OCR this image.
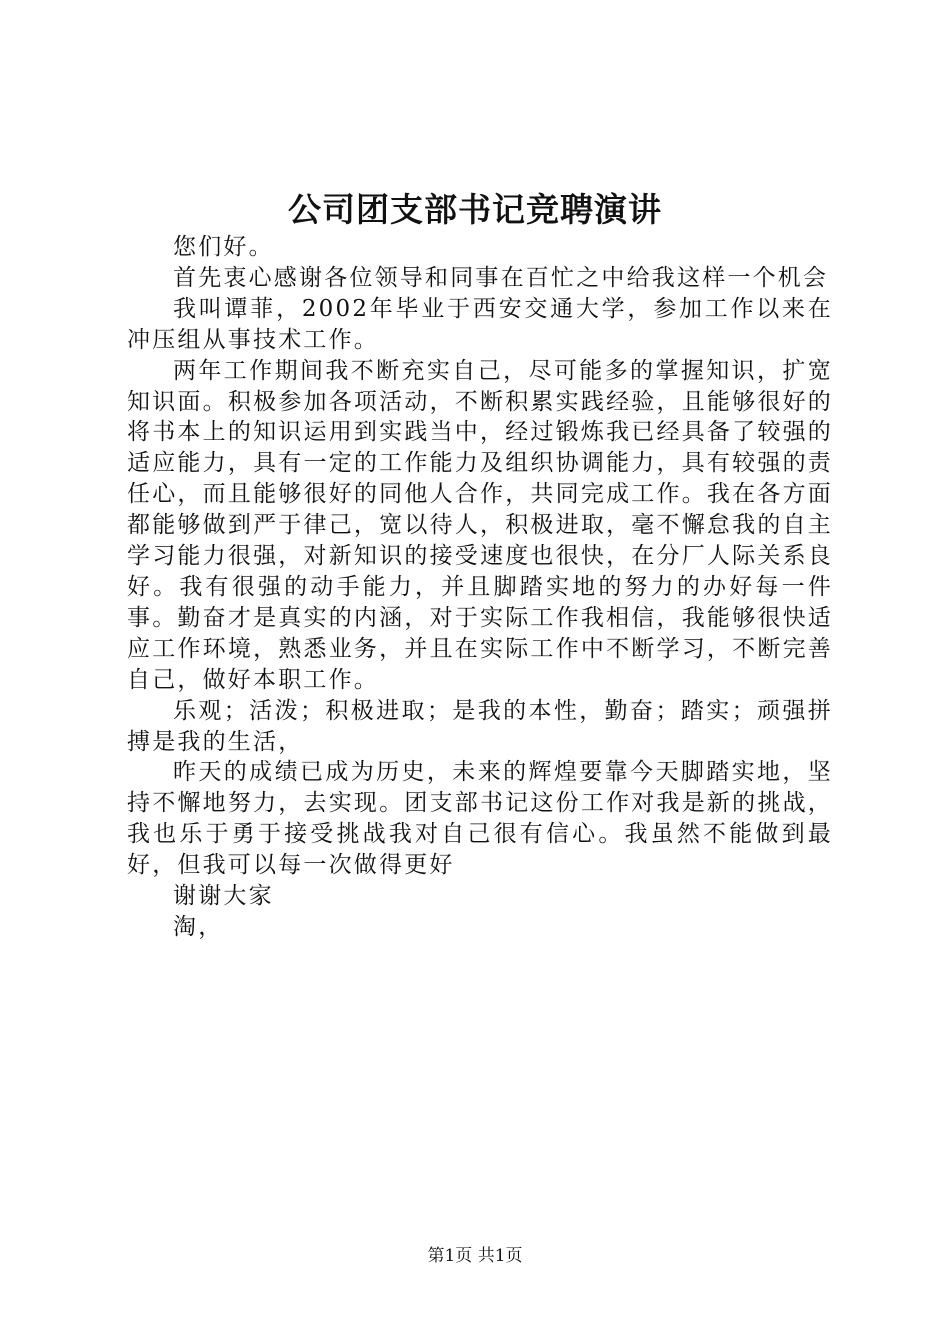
公司团支部书记竞聘演讲

您们好。

首先衷心感谢各位领导和同事在百忙之中给我这样一个机会

我叫谭菲，2002年毕业于西安交通大学，参加工作以来在冲压组从事技术工作。

两年工作期间我不断充实自己，尽可能多的掌握知识，扩宽知识面。积极参加各项活动，不断积累实践经验，且能够很好的将书本上的知识运用到实践当中，经过锻炼我已经具备了较强的适应能力，具有一定的工作能力及组织协调能力，具有较强的责任心，而且能够很好的同他人合作，共同完成工作。我在各方面都能够做到严于律己，宽以待人，积极进取，毫不懈怠我的自主学习能力很强，对新知识的接受速度也很快，在分厂人际关系良好。我有很强的动手能力，并且脚踏实地的努力的办好每一件事。勤奋才是真实的内涵，对于实际工作我相信，我能够很快适应工作环境，熟悉业务，并且在实际工作中不断学习，不断完善自己，做好本职工作。

乐观；活泼；积极进取；是我的本性，勤奋；踏实；顽强拼搏是我的生活，

昨天的成绩已成为历史，未来的辉煌要靠今天脚踏实地，坚持不懈地努力，去实现。团支部书记这份工作对我是新的挑战，我也乐于勇于接受挑战我对自己很有信心。我虽然不能做到最好，但我可以每一次做得更好

谢谢大家

淘，

第1页 共1页
